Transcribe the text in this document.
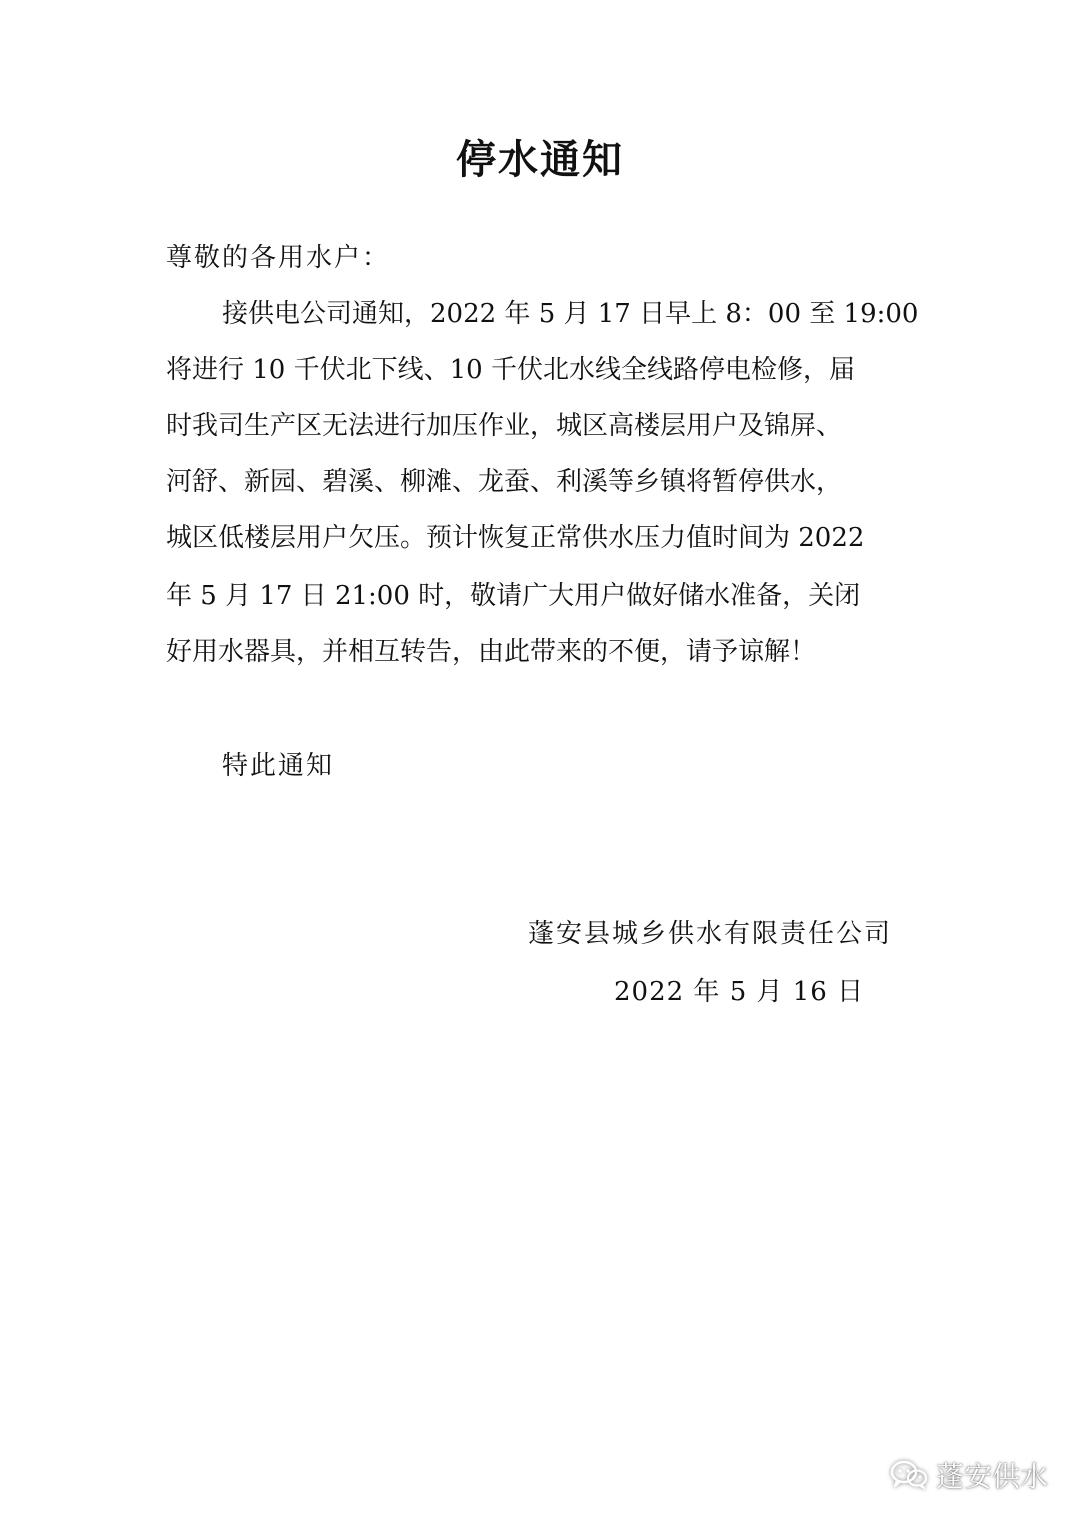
停水通知
尊敬的各用水户：
接供电公司通知，2022 年 5 月 17 日早上 8：00 至 19:00
将进行 10 千伏北下线、10 千伏北水线全线路停电检修，届
时我司生产区无法进行加压作业，城区高楼层用户及锦屏、
河舒、新园、碧溪、柳滩、龙蚕、利溪等乡镇将暂停供水，
城区低楼层用户欠压。预计恢复正常供水压力值时间为 2022
年 5 月 17 日 21:00 时，敬请广大用户做好储水准备，关闭
好用水器具，并相互转告，由此带来的不便，请予谅解！
特此通知
蓬安县城乡供水有限责任公司
2022 年 5 月 16 日
蓬安供水
